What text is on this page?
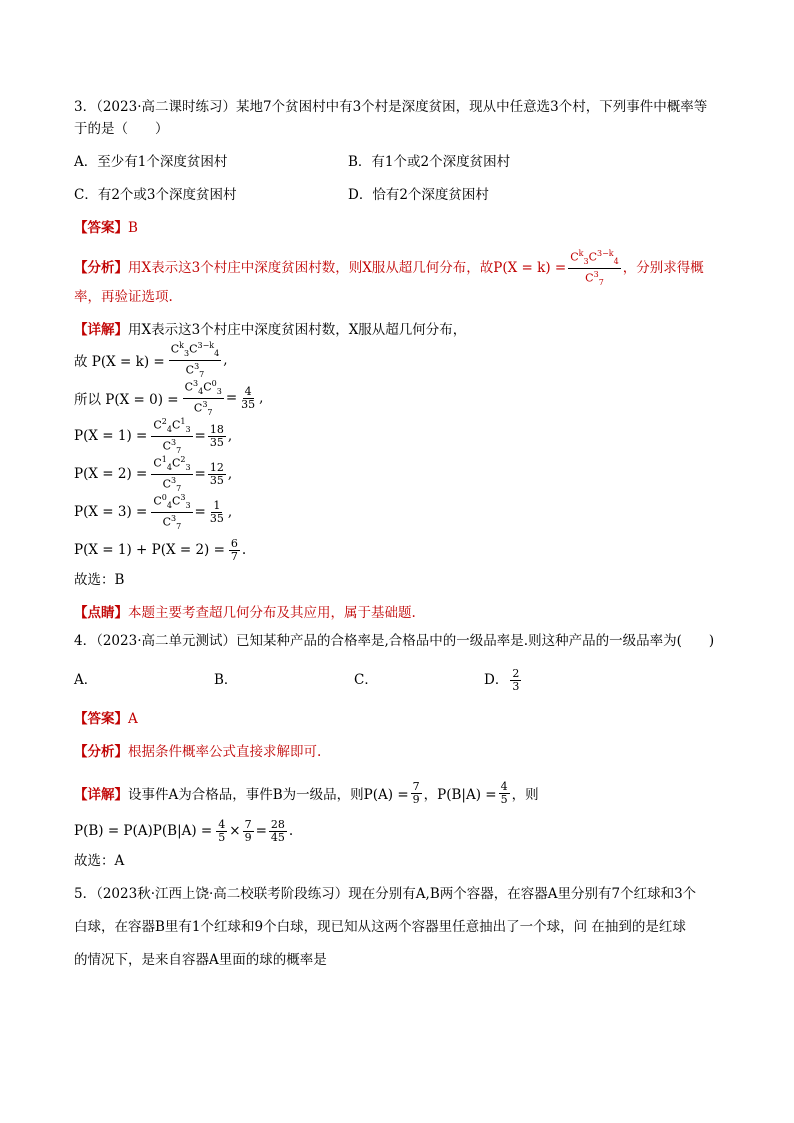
3．（2023·高二课时练习）某地7个贫困村中有3个村是深度贫困，现从中任意选3个村，下列事件中概率等
于的是（　　）
A．至少有1个深度贫困村	B．有1个或2个深度贫困村
C．有2个或3个深度贫困村	D．恰有2个深度贫困村
【答案】B
【分析】 用X表示这3个村庄中深度贫困村数，则X服从超几何分布，故$P(X = k) = \frac{C^k_3C^{3-k}_4}{C^3_7}$ ，分别求得概
率，再验证选项.
【详解】用X表示这3个村庄中深度贫困村数，X服从超几何分布，
故 $P(X = k) = \frac{C^k_3C^{3-k}_4}{C^3_7}$ ,
所以 $P(X = 0) = \frac{C^3_4C^0_3}{C^3_7} = \frac{4}{35}$ ,
$P(X = 1) = \frac{C^2_4C^1_3}{C^3_7} = \frac{18}{35}$ ,
$P(X = 2) = \frac{C^1_4C^2_3}{C^3_7} = \frac{12}{35}$ ,
$P(X = 3) = \frac{C^0_4C^3_3}{C^3_7} = \frac{1}{35}$ ,
$P(X = 1) + P(X = 2) = \frac{6}{7}$ .
故选：B
【点睛】本题主要考查超几何分布及其应用，属于基础题.
4．（2023·高二单元测试）已知某种产品的合格率是,合格品中的一级品率是.则这种产品的一级品率为(　　)
A．	B．	C．	D． $\frac{2}{3}$
【答案】A
【分析】根据条件概率公式直接求解即可.
【详解】 设事件A为合格品，事件B为一级品，则$P(A) = \frac{7}{9}$ ，$P(B|A) = \frac{4}{5}$ ，则
$P(B) = P(A)P(B|A) = \frac{4}{5} \times \frac{7}{9} = \frac{28}{45}$ .
故选：A
5．（2023秋·江西上饶·高二校联考阶段练习）现在分别有A,B两个容器，在容器A里分别有7个红球和3个
白球，在容器B里有1个红球和9个白球，现已知从这两个容器里任意抽出了一个球，问 在抽到的是红球
的情况下，是来自容器A里面的球的概率是
